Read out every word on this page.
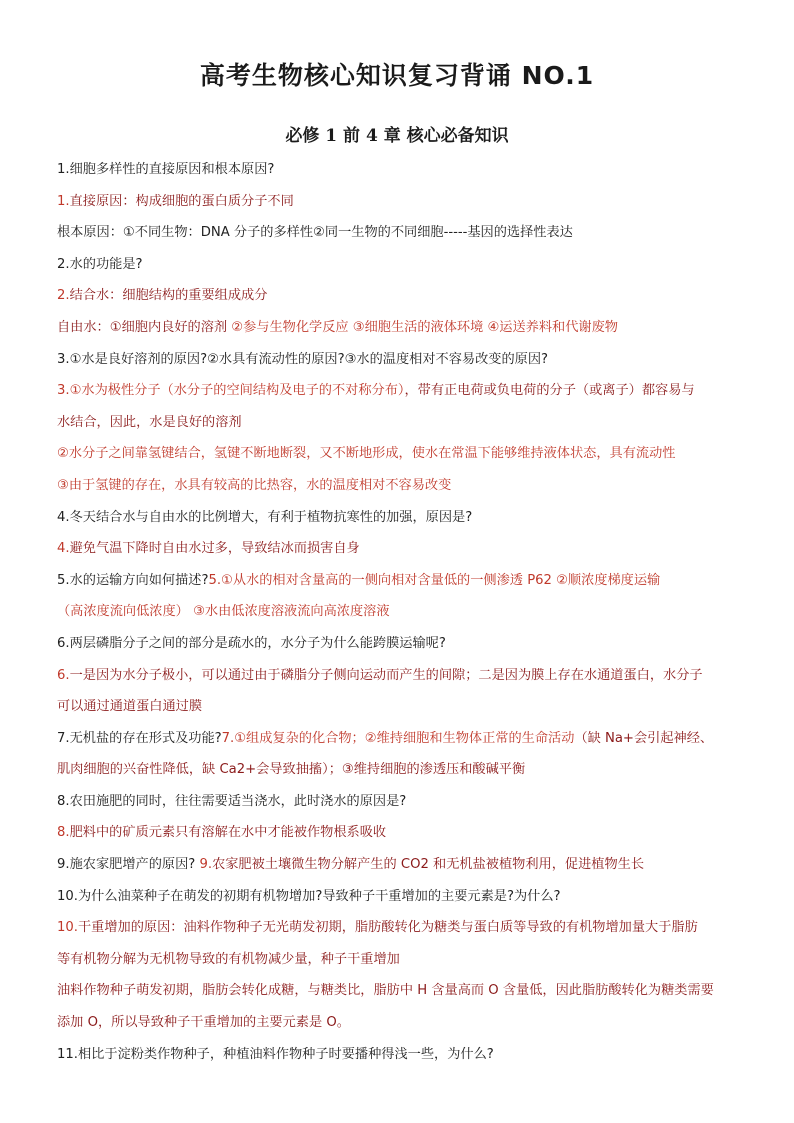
高考生物核心知识复习背诵 NO.1
必修 1 前 4 章 核心必备知识
1.细胞多样性的直接原因和根本原因?
1.直接原因：构成细胞的蛋白质分子不同
根本原因：①不同生物：DNA 分子的多样性②同一生物的不同细胞-----基因的选择性表达
2.水的功能是?
2.结合水：细胞结构的重要组成成分
自由水：①细胞内良好的溶剂 ②参与生物化学反应 ③细胞生活的液体环境 ④运送养料和代谢废物
3.①水是良好溶剂的原因?②水具有流动性的原因?③水的温度相对不容易改变的原因?
3.①水为极性分子（水分子的空间结构及电子的不对称分布），带有正电荷或负电荷的分子（或离子）都容易与
水结合，因此，水是良好的溶剂
②水分子之间靠氢键结合，氢键不断地断裂，又不断地形成，使水在常温下能够维持液体状态，具有流动性
③由于氢键的存在，水具有较高的比热容，水的温度相对不容易改变
4.冬天结合水与自由水的比例增大，有利于植物抗寒性的加强，原因是?
4.避免气温下降时自由水过多，导致结冰而损害自身
5.水的运输方向如何描述?5.①从水的相对含量高的一侧向相对含量低的一侧渗透 P62 ②顺浓度梯度运输
（高浓度流向低浓度） ③水由低浓度溶液流向高浓度溶液
6.两层磷脂分子之间的部分是疏水的，水分子为什么能跨膜运输呢?
6.一是因为水分子极小，可以通过由于磷脂分子侧向运动而产生的间隙；二是因为膜上存在水通道蛋白，水分子
可以通过通道蛋白通过膜
7.无机盐的存在形式及功能?7.①组成复杂的化合物；②维持细胞和生物体正常的生命活动（缺 Na+会引起神经、
肌肉细胞的兴奋性降低，缺 Ca2+会导致抽搐）；③维持细胞的渗透压和酸碱平衡
8.农田施肥的同时，往往需要适当浇水，此时浇水的原因是?
8.肥料中的矿质元素只有溶解在水中才能被作物根系吸收
9.施农家肥增产的原因? 9.农家肥被土壤微生物分解产生的 CO2 和无机盐被植物利用，促进植物生长
10.为什么油菜种子在萌发的初期有机物增加?导致种子干重增加的主要元素是?为什么?
10.干重增加的原因：油料作物种子无光萌发初期，脂肪酸转化为糖类与蛋白质等导致的有机物增加量大于脂肪
等有机物分解为无机物导致的有机物减少量，种子干重增加
油料作物种子萌发初期，脂肪会转化成糖，与糖类比，脂肪中 H 含量高而 O 含量低，因此脂肪酸转化为糖类需要
添加 O，所以导致种子干重增加的主要元素是 O。
11.相比于淀粉类作物种子，种植油料作物种子时要播种得浅一些，为什么?
